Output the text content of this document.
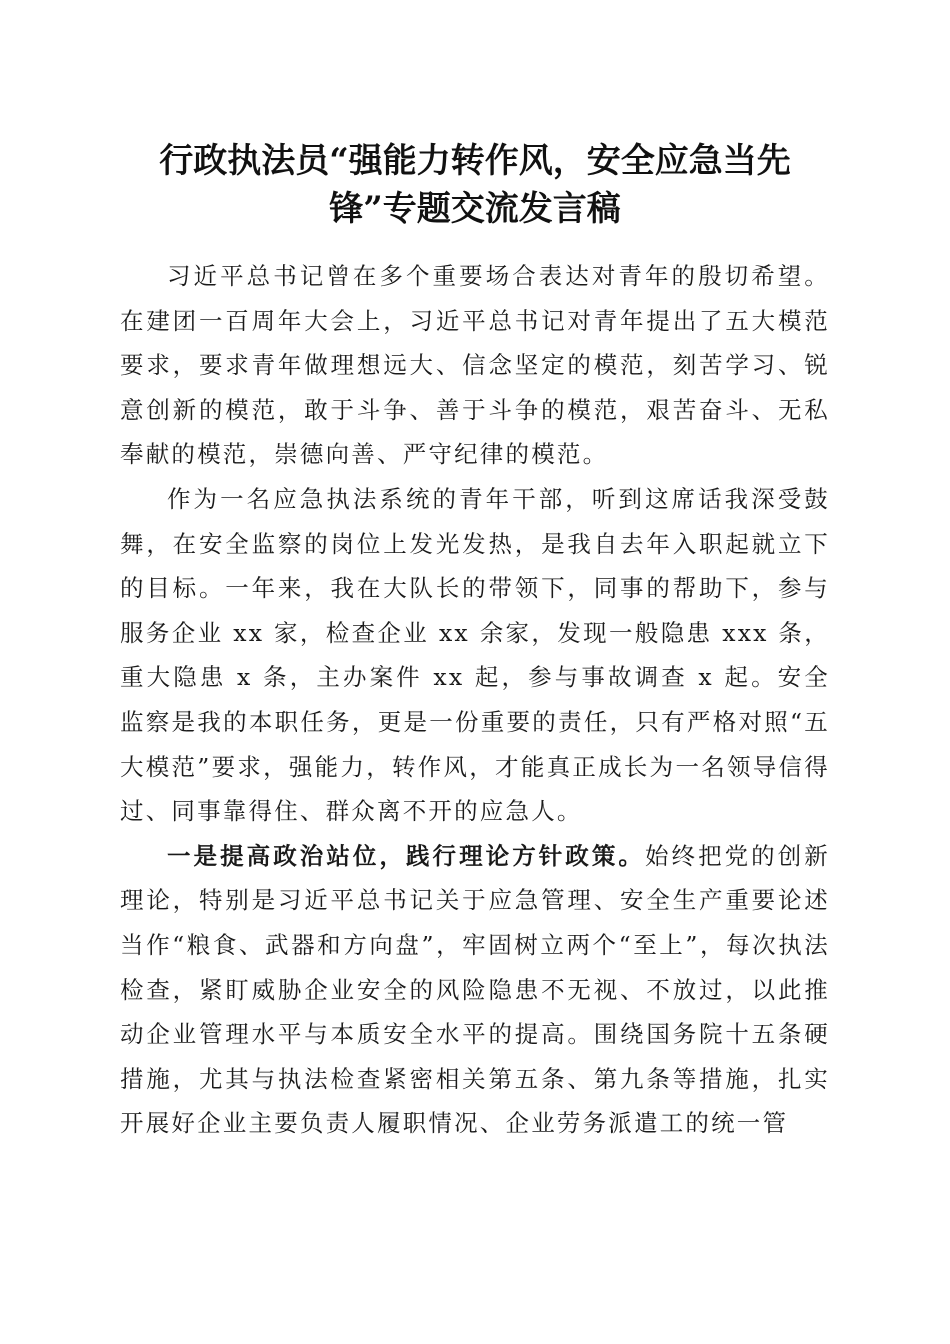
行政执法员“强能力转作风，安全应急当先
锋”专题交流发言稿

习近平总书记曾在多个重要场合表达对青年的殷切希望。在建团一百周年大会上，习近平总书记对青年提出了五大模范要求，要求青年做理想远大、信念坚定的模范，刻苦学习、锐意创新的模范，敢于斗争、善于斗争的模范，艰苦奋斗、无私奉献的模范，崇德向善、严守纪律的模范。

作为一名应急执法系统的青年干部，听到这席话我深受鼓舞，在安全监察的岗位上发光发热，是我自去年入职起就立下的目标。一年来，我在大队长的带领下，同事的帮助下，参与服务企业 xx 家，检查企业 xx 余家，发现一般隐患 xxx 条，重大隐患 x 条，主办案件 xx 起，参与事故调查 x 起。安全监察是我的本职任务，更是一份重要的责任，只有严格对照“五大模范”要求，强能力，转作风，才能真正成长为一名领导信得过、同事靠得住、群众离不开的应急人。

一是提高政治站位，践行理论方针政策。始终把党的创新理论，特别是习近平总书记关于应急管理、安全生产重要论述当作“粮食、武器和方向盘”，牢固树立两个“至上”，每次执法检查，紧盯威胁企业安全的风险隐患不无视、不放过，以此推动企业管理水平与本质安全水平的提高。围绕国务院十五条硬措施，尤其与执法检查紧密相关第五条、第九条等措施，扎实开展好企业主要负责人履职情况、企业劳务派遣工的统一管
